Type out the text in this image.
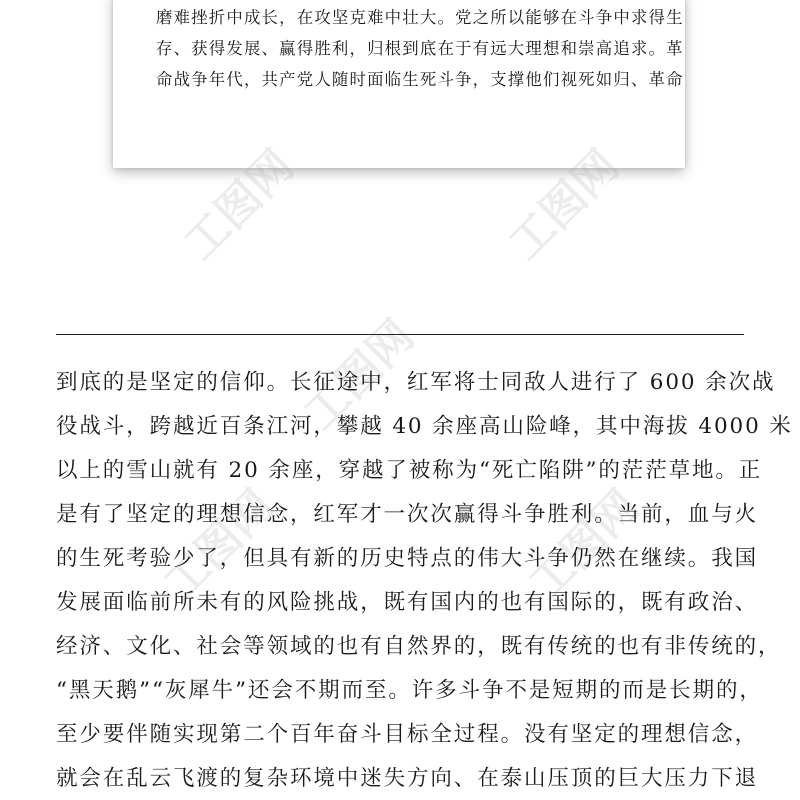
磨难挫折中成长，在攻坚克难中壮大。党之所以能够在斗争中求得生
存、获得发展、赢得胜利，归根到底在于有远大理想和崇高追求。革
命战争年代，共产党人随时面临生死斗争，支撑他们视死如归、革命
工图网	工图网
工图网
工图网	工图网
到底的是坚定的信仰。长征途中，红军将士同敌人进行了 600 余次战
役战斗，跨越近百条江河，攀越 40 余座高山险峰，其中海拔 4000 米
以上的雪山就有 20 余座，穿越了被称为“死亡陷阱”的茫茫草地。正
是有了坚定的理想信念，红军才一次次赢得斗争胜利。当前，血与火
的生死考验少了，但具有新的历史特点的伟大斗争仍然在继续。我国
发展面临前所未有的风险挑战，既有国内的也有国际的，既有政治、
经济、文化、社会等领域的也有自然界的，既有传统的也有非传统的，
“黑天鹅”“灰犀牛”还会不期而至。许多斗争不是短期的而是长期的，
至少要伴随实现第二个百年奋斗目标全过程。没有坚定的理想信念，
就会在乱云飞渡的复杂环境中迷失方向、在泰山压顶的巨大压力下退
